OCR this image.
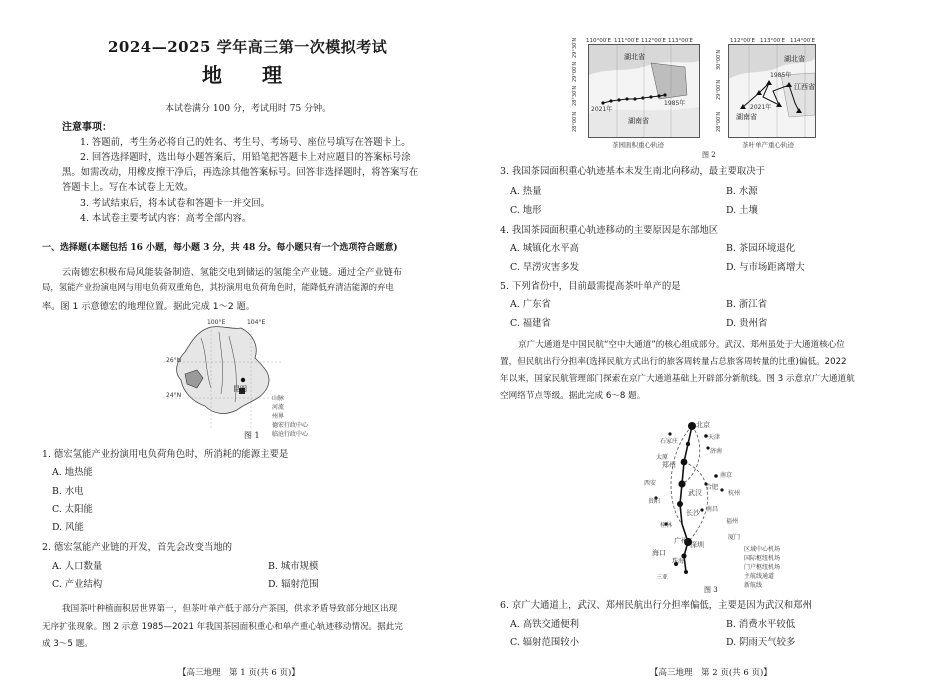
2024—2025 学年高三第一次模拟考试
地　　理
本试卷满分 100 分，考试用时 75 分钟。
注意事项：
1. 答题前，考生务必将自己的姓名、考生号、考场号、座位号填写在答题卡上。
2. 回答选择题时，选出每小题答案后，用铅笔把答题卡上对应题目的答案标号涂
黑。如需改动，用橡皮擦干净后，再选涂其他答案标号。回答非选择题时，将答案写在
答题卡上。写在本试卷上无效。
3. 考试结束后，将本试卷和答题卡一并交回。
4. 本试卷主要考试内容：高考全部内容。
一、选择题(本题包括 16 小题，每小题 3 分，共 48 分。每小题只有一个选项符合题意)
云南德宏积极布局风能装备制造、氢能交电到储运的氢能全产业链。通过全产业链布
局，氢能产业扮演电网与用电负荷双重角色，其扮演用电负荷角色时，能降低弃清洁能源的弃电
率。图 1 示意德宏的地理位置。据此完成 1～2 题。
100°E	104°E
26°N
24°N
昆明
山脉
河流
州界
德宏行政中心
临沧行政中心
图 1
1. 德宏氢能产业扮演用电负荷角色时，所消耗的能源主要是
A. 地热能
B. 水电
C. 太阳能
D. 风能
2. 德宏氢能产业链的开发，首先会改变当地的
A. 人口数量	B. 城市规模
C. 产业结构	D. 辐射范围
我国茶叶种植面积居世界第一，但茶叶单产低于部分产茶国，供求矛盾导致部分地区出现
无序扩张现象。图 2 示意 1985—2021 年我国茶园面积重心和单产重心轨迹移动情况。据此完
成 3～5 题。
【高三地理　第 1 页(共 6 页)】
110°00′E 111°00′E 112°00′E 113°00′E
29°30′N
29°00′N
28°30′N
28°00′N
湖北省
湖南省
2021年
1985年
茶园面积重心轨迹
112°00′E 113°00′E 114°00′E
30°00′N
29°00′N
28°00′N
湖北省
江西省
湖南省
2021年
1985年
茶叶单产重心轨迹
图 2
3. 我国茶园面积重心轨迹基本未发生南北向移动，最主要取决于
A. 热量	B. 水源
C. 地形	D. 土壤
4. 我国茶园面积重心轨迹移动的主要原因是东部地区
A. 城镇化水平高	B. 茶园环境退化
C. 旱涝灾害多发	D. 与市场距离增大
5. 下列省份中，目前最需提高茶叶单产的是
A. 广东省	B. 浙江省
C. 福建省	D. 贵州省
京广大通道是中国民航“空中大通道”的核心组成部分。武汉、郑州虽处于大通道核心位
置，但民航出行分担率(选择民航方式出行的旅客周转量占总旅客周转量的比重)偏低。2022
年以来，国家民航管理部门探索在京广大通道基础上开辟部分新航线。图 3 示意京广大通道航
空网络节点等级。据此完成 6～8 题。
北京
天津
石家庄
济南
太原
郑州
西安
南京
合肥
武汉	杭州
长沙 南昌
福州
贵阳
桂林
广州 深圳
珠海
海口
三亚
厦门
区域中心机场
国际枢纽机场
门户枢纽机场
主航线通道
新航线
图 3
6. 京广大通道上，武汉、郑州民航出行分担率偏低，主要是因为武汉和郑州
A. 高铁交通便利	B. 消费水平较低
C. 辐射范围较小	D. 阴雨天气较多
【高三地理　第 2 页(共 6 页)】
